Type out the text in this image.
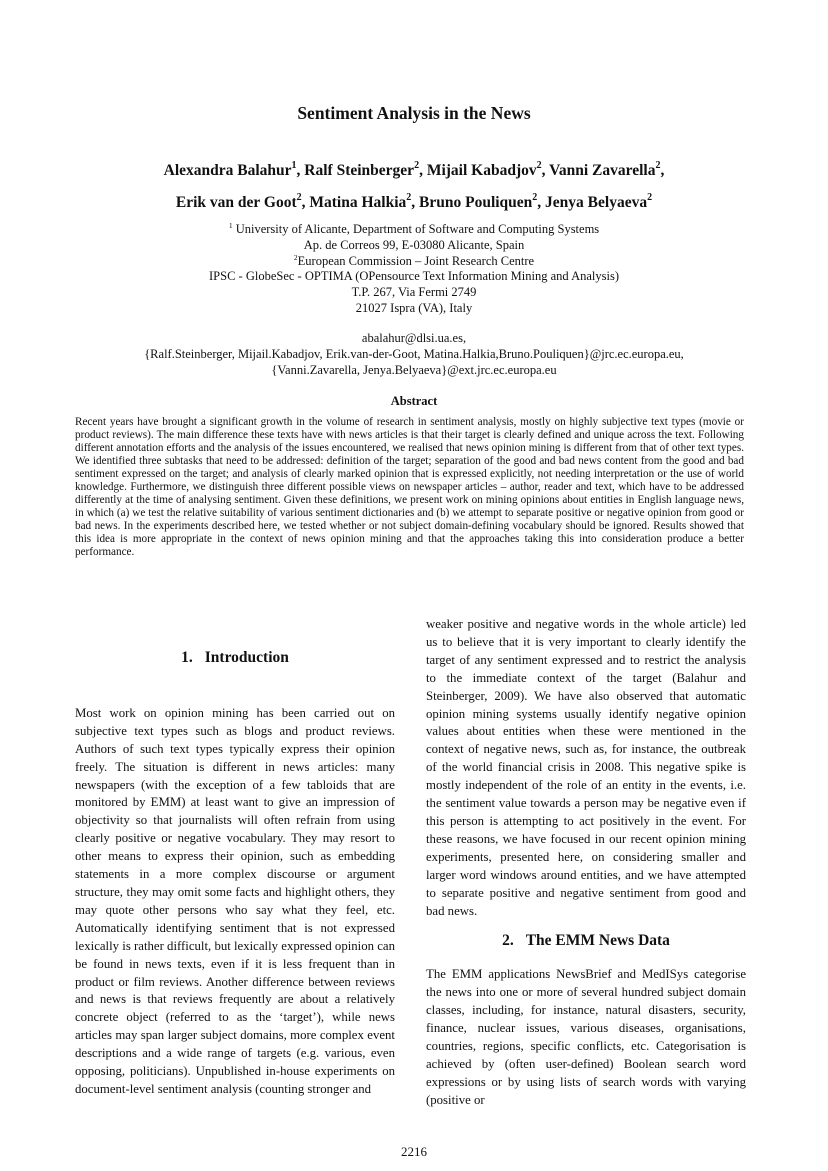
Sentiment Analysis in the News
Alexandra Balahur$^1$, Ralf Steinberger$^2$, Mijail Kabadjov$^2$, Vanni Zavarella$^2$,
Erik van der Goot$^2$, Matina Halkia$^2$, Bruno Pouliquen$^2$, Jenya Belyaeva$^2$
$^1$ University of Alicante, Department of Software and Computing Systems
Ap. de Correos 99, E-03080 Alicante, Spain
$^2$European Commission – Joint Research Centre
IPSC - GlobeSec - OPTIMA (OPensource Text Information Mining and Analysis)
T.P. 267, Via Fermi 2749
21027 Ispra (VA), Italy
abalahur@dlsi.ua.es,
{Ralf.Steinberger, Mijail.Kabadjov, Erik.van-der-Goot, Matina.Halkia,Bruno.Pouliquen}@jrc.ec.europa.eu,
{Vanni.Zavarella, Jenya.Belyaeva}@ext.jrc.ec.europa.eu
Abstract

Recent years have brought a significant growth in the volume of research in sentiment analysis, mostly on highly subjective text types (movie or product reviews). The main difference these texts have with news articles is that their target is clearly defined and unique across the text. Following different annotation efforts and the analysis of the issues encountered, we realised that news opinion mining is different from that of other text types. We identified three subtasks that need to be addressed: definition of the target; separation of the good and bad news content from the good and bad sentiment expressed on the target; and analysis of clearly marked opinion that is expressed explicitly, not needing interpretation or the use of world knowledge. Furthermore, we distinguish three different possible views on newspaper articles – author, reader and text, which have to be addressed differently at the time of analysing sentiment. Given these definitions, we present work on mining opinions about entities in English language news, in which (a) we test the relative suitability of various sentiment dictionaries and (b) we attempt to separate positive or negative opinion from good or bad news. In the experiments described here, we tested whether or not subject domain-defining vocabulary should be ignored. Results showed that this idea is more appropriate in the context of news opinion mining and that the approaches taking this into consideration produce a better performance.

1. Introduction

Most work on opinion mining has been carried out on subjective text types such as blogs and product reviews. Authors of such text types typically express their opinion freely. The situation is different in news articles: many newspapers (with the exception of a few tabloids that are monitored by EMM) at least want to give an impression of objectivity so that journalists will often refrain from using clearly positive or negative vocabulary. They may resort to other means to express their opinion, such as embedding statements in a more complex discourse or argument structure, they may omit some facts and highlight others, they may quote other persons who say what they feel, etc. Automatically identifying sentiment that is not expressed lexically is rather difficult, but lexically expressed opinion can be found in news texts, even if it is less frequent than in product or film reviews. Another difference between reviews and news is that reviews frequently are about a relatively concrete object (referred to as the ‘target’), while news articles may span larger subject domains, more complex event descriptions and a wide range of targets (e.g. various, even opposing, politicians). Unpublished in-house experiments on document-level sentiment analysis (counting stronger and

weaker positive and negative words in the whole article) led us to believe that it is very important to clearly identify the target of any sentiment expressed and to restrict the analysis to the immediate context of the target (Balahur and Steinberger, 2009). We have also observed that automatic opinion mining systems usually identify negative opinion values about entities when these were mentioned in the context of negative news, such as, for instance, the outbreak of the world financial crisis in 2008. This negative spike is mostly independent of the role of an entity in the events, i.e. the sentiment value towards a person may be negative even if this person is attempting to act positively in the event. For these reasons, we have focused in our recent opinion mining experiments, presented here, on considering smaller and larger word windows around entities, and we have attempted to separate positive and negative sentiment from good and bad news.

2. The EMM News Data

The EMM applications NewsBrief and MedISys categorise the news into one or more of several hundred subject domain classes, including, for instance, natural disasters, security, finance, nuclear issues, various diseases, organisations, countries, regions, specific conflicts, etc. Categorisation is achieved by (often user-defined) Boolean search word expressions or by using lists of search words with varying (positive or

2216
